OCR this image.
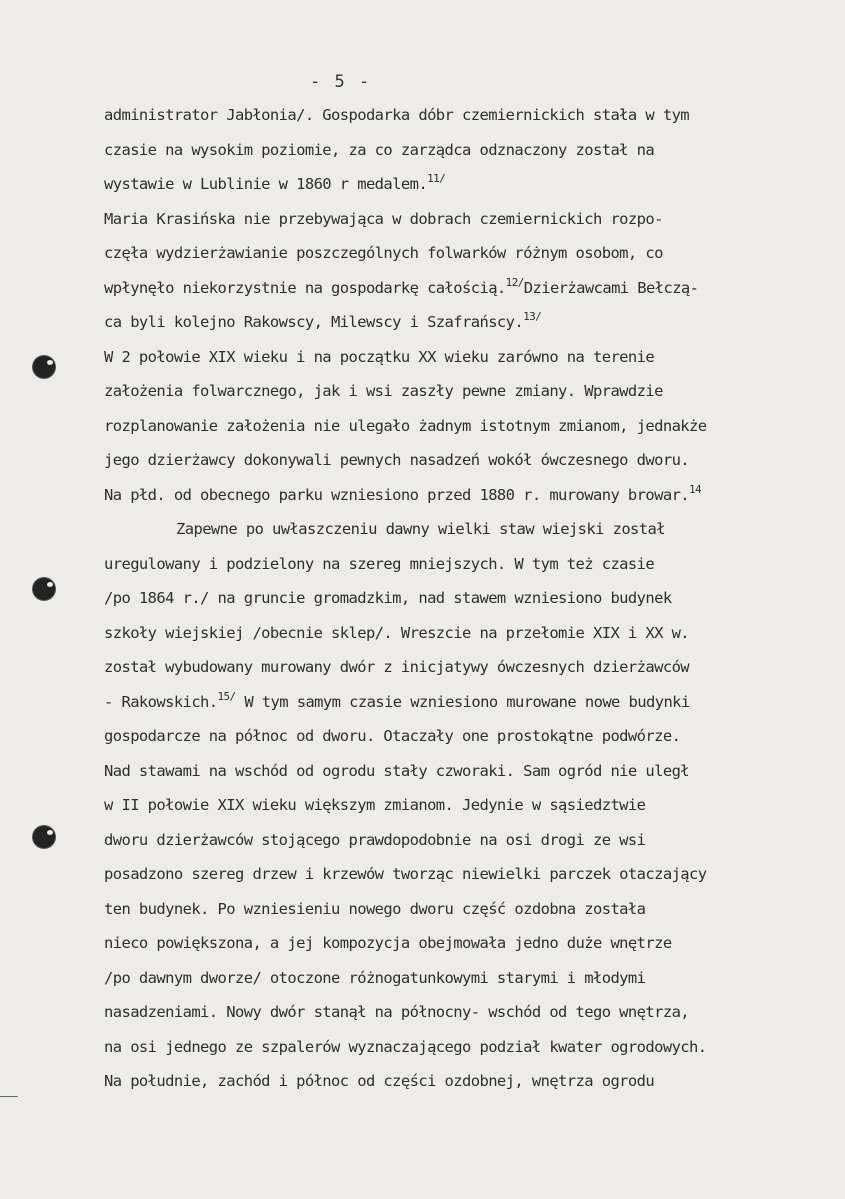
- 5 -
administrator Jabłonia/. Gospodarka dóbr czemiernickich stała w tym
czasie na wysokim poziomie, za co zarządca odznaczony został na
wystawie w Lublinie w 1860 r medalem.$^{11/}$
Maria Krasińska nie przebywająca w dobrach czemiernickich rozpo-
częła wydzierżawianie poszczególnych folwarków różnym osobom, co
wpłynęło niekorzystnie na gospodarkę całością.$^{12/}$Dzierżawcami Bełczą-
ca byli kolejno Rakowscy, Milewscy i Szafrańscy.$^{13/}$
W 2 połowie XIX wieku i na początku XX wieku zarówno na terenie
założenia folwarcznego, jak i wsi zaszły pewne zmiany. Wprawdzie
rozplanowanie założenia nie ulegało żadnym istotnym zmianom, jednakże
jego dzierżawcy dokonywali pewnych nasadzeń wokół ówczesnego dworu.
Na płd. od obecnego parku wzniesiono przed 1880 r. murowany browar.$^{14}$
Zapewne po uwłaszczeniu dawny wielki staw wiejski został
uregulowany i podzielony na szereg mniejszych. W tym też czasie
/po 1864 r./ na gruncie gromadzkim, nad stawem wzniesiono budynek
szkoły wiejskiej /obecnie sklep/. Wreszcie na przełomie XIX i XX w.
został wybudowany murowany dwór z inicjatywy ówczesnych dzierżawców
- Rakowskich.$^{15/}$ W tym samym czasie wzniesiono murowane nowe budynki
gospodarcze na północ od dworu. Otaczały one prostokątne podwórze.
Nad stawami na wschód od ogrodu stały czworaki. Sam ogród nie uległ
w II połowie XIX wieku większym zmianom. Jedynie w sąsiedztwie
dworu dzierżawców stojącego prawdopodobnie na osi drogi ze wsi
posadzono szereg drzew i krzewów tworząc niewielki parczek otaczający
ten budynek. Po wzniesieniu nowego dworu część ozdobna została
nieco powiększona, a jej kompozycja obejmowała jedno duże wnętrze
/po dawnym dworze/ otoczone różnogatunkowymi starymi i młodymi
nasadzeniami. Nowy dwór stanął na północny- wschód od tego wnętrza,
na osi jednego ze szpalerów wyznaczającego podział kwater ogrodowych.
Na południe, zachód i północ od części ozdobnej, wnętrza ogrodu
